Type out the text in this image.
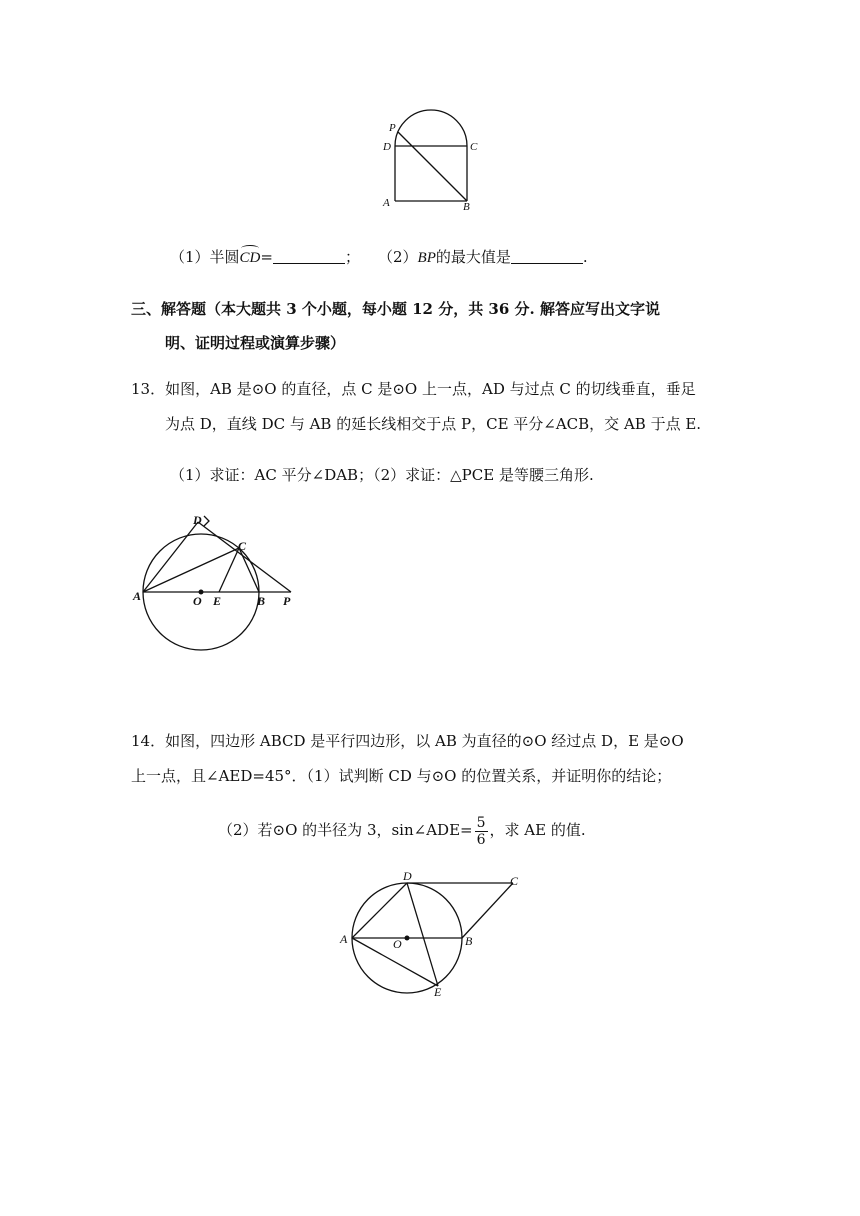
P
D	C
A	B
（1）半圆CD=	； （2）BP的最大值是	.
三、解答题（本大题共 3 个小题，每小题 12 分，共 36 分. 解答应写出文字说
明、证明过程或演算步骤）
13．如图，AB 是⊙O 的直径，点 C 是⊙O 上一点，AD 与过点 C 的切线垂直，垂足
为点 D，直线 DC 与 AB 的延长线相交于点 P，CE 平分∠ACB，交 AB 于点 E.
（1）求证：AC 平分∠DAB；（2）求证：△PCE 是等腰三角形.
D
C
A	O E	B P
14．如图，四边形 ABCD 是平行四边形，以 AB 为直径的⊙O 经过点 D，E 是⊙O
上一点，且∠AED=45°．（1）试判断 CD 与⊙O 的位置关系，并证明你的结论；
（2）若⊙O 的半径为 3，sin∠ADE= $\frac{5}{6}$ ，求 AE 的值.
D	C
A	O	B
E
